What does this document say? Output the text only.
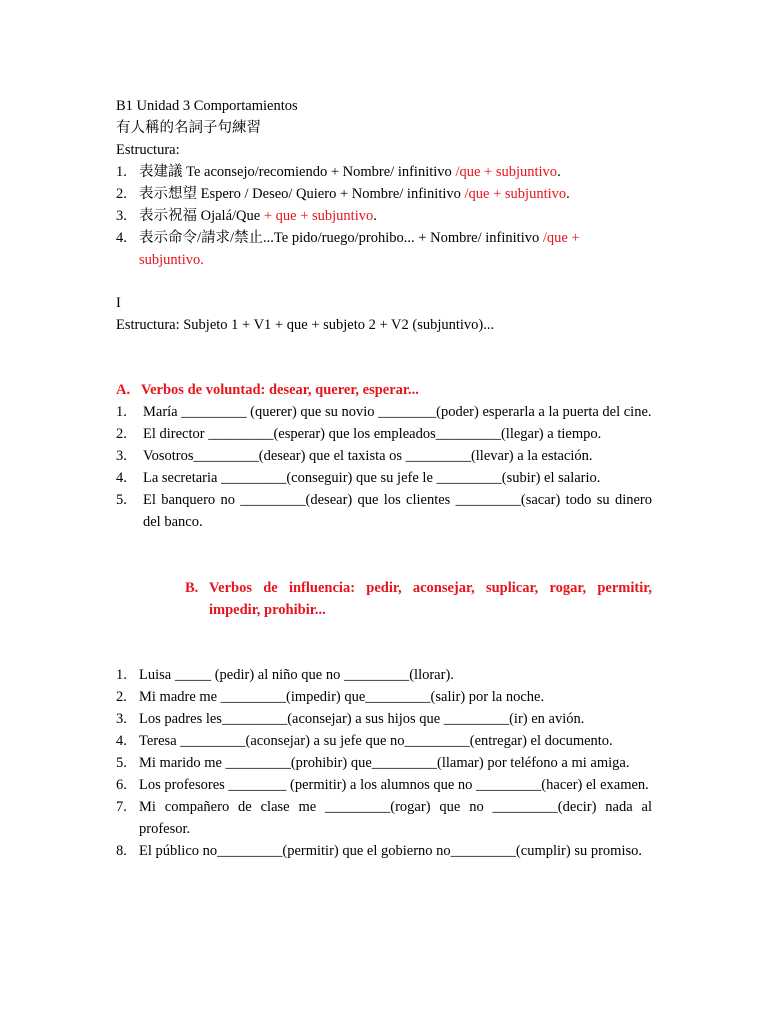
B1 Unidad 3 Comportamientos
有人稱的名詞子句練習
Estructura:
1. 表建議 Te aconsejo/recomiendo + Nombre/ infinitivo /que + subjuntivo.
2. 表示想望 Espero / Deseo/ Quiero + Nombre/ infinitivo /que + subjuntivo.
3. 表示祝福 Ojalá/Que + que + subjuntivo.
4. 表示命令/請求/禁止...Te pido/ruego/prohibo... + Nombre/ infinitivo /que + subjuntivo.
I
Estructura: Subjeto 1 + V1 + que + subjeto 2 + V2 (subjuntivo)...
A. Verbos de voluntad: desear, querer, esperar...
1. María _________ (querer) que su novio ________(poder) esperarla a la puerta del cine.
2. El director _________(esperar) que los empleados_________(llegar) a tiempo.
3. Vosotros_________(desear) que el taxista os _________(llevar) a la estación.
4. La secretaria _________(conseguir) que su jefe le _________(subir) el salario.
5. El banquero no _________(desear) que los clientes _________(sacar) todo su dinero del banco.
B. Verbos de influencia: pedir, aconsejar, suplicar, rogar, permitir, impedir, prohibir...
1. Luisa _____ (pedir) al niño que no _________(llorar).
2. Mi madre me _________(impedir) que_________(salir) por la noche.
3. Los padres les_________(aconsejar) a sus hijos que _________(ir) en avión.
4. Teresa _________(aconsejar) a su jefe que no_________(entregar) el documento.
5. Mi marido me _________(prohibir) que_________(llamar) por teléfono a mi amiga.
6. Los profesores ________ (permitir) a los alumnos que no _________(hacer) el examen.
7. Mi compañero de clase me _________(rogar) que no _________(decir) nada al profesor.
8. El público no_________(permitir) que el gobierno no_________(cumplir) su promiso.
